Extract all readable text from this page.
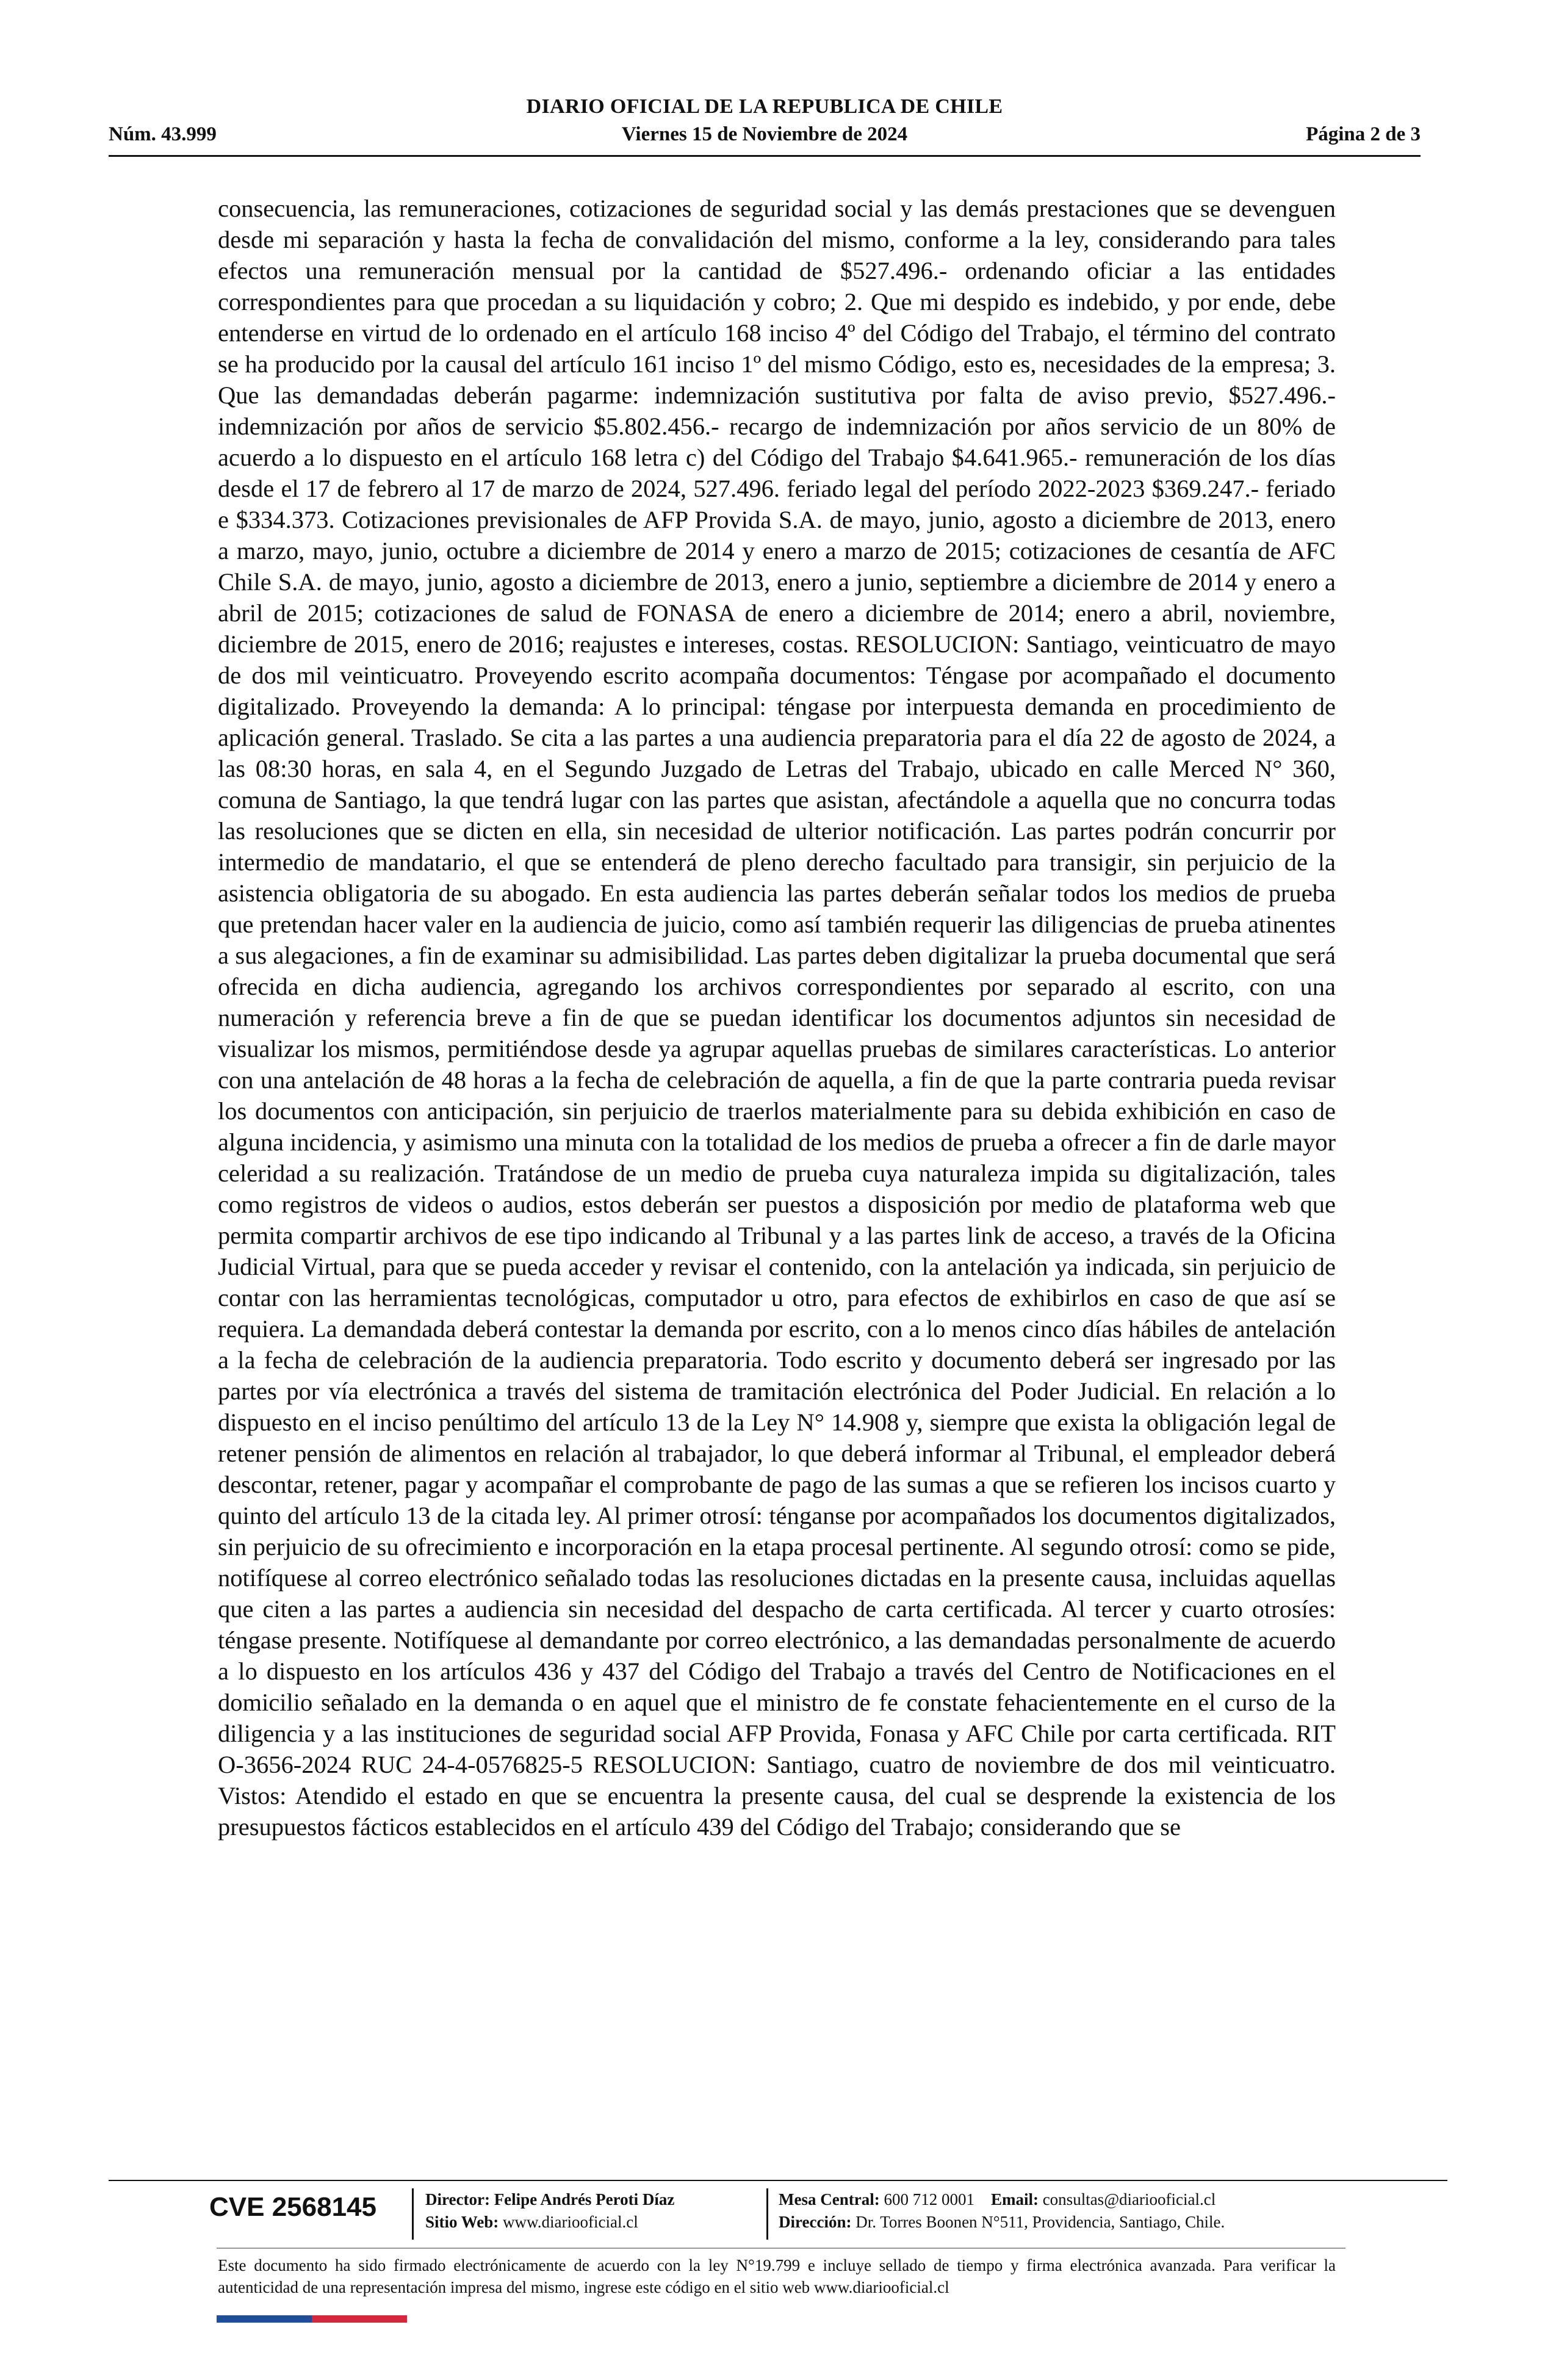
DIARIO OFICIAL DE LA REPUBLICA DE CHILE
Núm. 43.999	Viernes 15 de Noviembre de 2024	Página 2 de 3

consecuencia, las remuneraciones, cotizaciones de seguridad social y las demás prestaciones que se devenguen desde mi separación y hasta la fecha de convalidación del mismo, conforme a la ley, considerando para tales efectos una remuneración mensual por la cantidad de $527.496.- ordenando oficiar a las entidades correspondientes para que procedan a su liquidación y cobro; 2. Que mi despido es indebido, y por ende, debe entenderse en virtud de lo ordenado en el artículo 168 inciso 4º del Código del Trabajo, el término del contrato se ha producido por la causal del artículo 161 inciso 1º del mismo Código, esto es, necesidades de la empresa; 3. Que las demandadas deberán pagarme: indemnización sustitutiva por falta de aviso previo, $527.496.- indemnización por años de servicio $5.802.456.- recargo de indemnización por años servicio de un 80% de acuerdo a lo dispuesto en el artículo 168 letra c) del Código del Trabajo $4.641.965.- remuneración de los días desde el 17 de febrero al 17 de marzo de 2024, 527.496. feriado legal del período 2022-2023 $369.247.- feriado e $334.373. Cotizaciones previsionales de AFP Provida S.A. de mayo, junio, agosto a diciembre de 2013, enero a marzo, mayo, junio, octubre a diciembre de 2014 y enero a marzo de 2015; cotizaciones de cesantía de AFC Chile S.A. de mayo, junio, agosto a diciembre de 2013, enero a junio, septiembre a diciembre de 2014 y enero a abril de 2015; cotizaciones de salud de FONASA de enero a diciembre de 2014; enero a abril, noviembre, diciembre de 2015, enero de 2016; reajustes e intereses, costas. RESOLUCION: Santiago, veinticuatro de mayo de dos mil veinticuatro. Proveyendo escrito acompaña documentos: Téngase por acompañado el documento digitalizado. Proveyendo la demanda: A lo principal: téngase por interpuesta demanda en procedimiento de aplicación general. Traslado. Se cita a las partes a una audiencia preparatoria para el día 22 de agosto de 2024, a las 08:30 horas, en sala 4, en el Segundo Juzgado de Letras del Trabajo, ubicado en calle Merced N° 360, comuna de Santiago, la que tendrá lugar con las partes que asistan, afectándole a aquella que no concurra todas las resoluciones que se dicten en ella, sin necesidad de ulterior notificación. Las partes podrán concurrir por intermedio de mandatario, el que se entenderá de pleno derecho facultado para transigir, sin perjuicio de la asistencia obligatoria de su abogado. En esta audiencia las partes deberán señalar todos los medios de prueba que pretendan hacer valer en la audiencia de juicio, como así también requerir las diligencias de prueba atinentes a sus alegaciones, a fin de examinar su admisibilidad. Las partes deben digitalizar la prueba documental que será ofrecida en dicha audiencia, agregando los archivos correspondientes por separado al escrito, con una numeración y referencia breve a fin de que se puedan identificar los documentos adjuntos sin necesidad de visualizar los mismos, permitiéndose desde ya agrupar aquellas pruebas de similares características. Lo anterior con una antelación de 48 horas a la fecha de celebración de aquella, a fin de que la parte contraria pueda revisar los documentos con anticipación, sin perjuicio de traerlos materialmente para su debida exhibición en caso de alguna incidencia, y asimismo una minuta con la totalidad de los medios de prueba a ofrecer a fin de darle mayor celeridad a su realización. Tratándose de un medio de prueba cuya naturaleza impida su digitalización, tales como registros de videos o audios, estos deberán ser puestos a disposición por medio de plataforma web que permita compartir archivos de ese tipo indicando al Tribunal y a las partes link de acceso, a través de la Oficina Judicial Virtual, para que se pueda acceder y revisar el contenido, con la antelación ya indicada, sin perjuicio de contar con las herramientas tecnológicas, computador u otro, para efectos de exhibirlos en caso de que así se requiera. La demandada deberá contestar la demanda por escrito, con a lo menos cinco días hábiles de antelación a la fecha de celebración de la audiencia preparatoria. Todo escrito y documento deberá ser ingresado por las partes por vía electrónica a través del sistema de tramitación electrónica del Poder Judicial. En relación a lo dispuesto en el inciso penúltimo del artículo 13 de la Ley N° 14.908 y, siempre que exista la obligación legal de retener pensión de alimentos en relación al trabajador, lo que deberá informar al Tribunal, el empleador deberá descontar, retener, pagar y acompañar el comprobante de pago de las sumas a que se refieren los incisos cuarto y quinto del artículo 13 de la citada ley. Al primer otrosí: ténganse por acompañados los documentos digitalizados, sin perjuicio de su ofrecimiento e incorporación en la etapa procesal pertinente. Al segundo otrosí: como se pide, notifíquese al correo electrónico señalado todas las resoluciones dictadas en la presente causa, incluidas aquellas que citen a las partes a audiencia sin necesidad del despacho de carta certificada. Al tercer y cuarto otrosíes: téngase presente. Notifíquese al demandante por correo electrónico, a las demandadas personalmente de acuerdo a lo dispuesto en los artículos 436 y 437 del Código del Trabajo a través del Centro de Notificaciones en el domicilio señalado en la demanda o en aquel que el ministro de fe constate fehacientemente en el curso de la diligencia y a las instituciones de seguridad social AFP Provida, Fonasa y AFC Chile por carta certificada. RIT O-3656-2024 RUC 24-4-0576825-5 RESOLUCION: Santiago, cuatro de noviembre de dos mil veinticuatro. Vistos: Atendido el estado en que se encuentra la presente causa, del cual se desprende la existencia de los presupuestos fácticos establecidos en el artículo 439 del Código del Trabajo; considerando que se

CVE 2568145	Director: Felipe Andrés Peroti Díaz
Sitio Web: www.diariooficial.cl
Mesa Central: 600 712 0001 Email: consultas@diariooficial.cl
Dirección: Dr. Torres Boonen N°511, Providencia, Santiago, Chile.
Este documento ha sido firmado electrónicamente de acuerdo con la ley N°19.799 e incluye sellado de tiempo y firma electrónica avanzada. Para verificar la autenticidad de una representación impresa del mismo, ingrese este código en el sitio web www.diariooficial.cl
